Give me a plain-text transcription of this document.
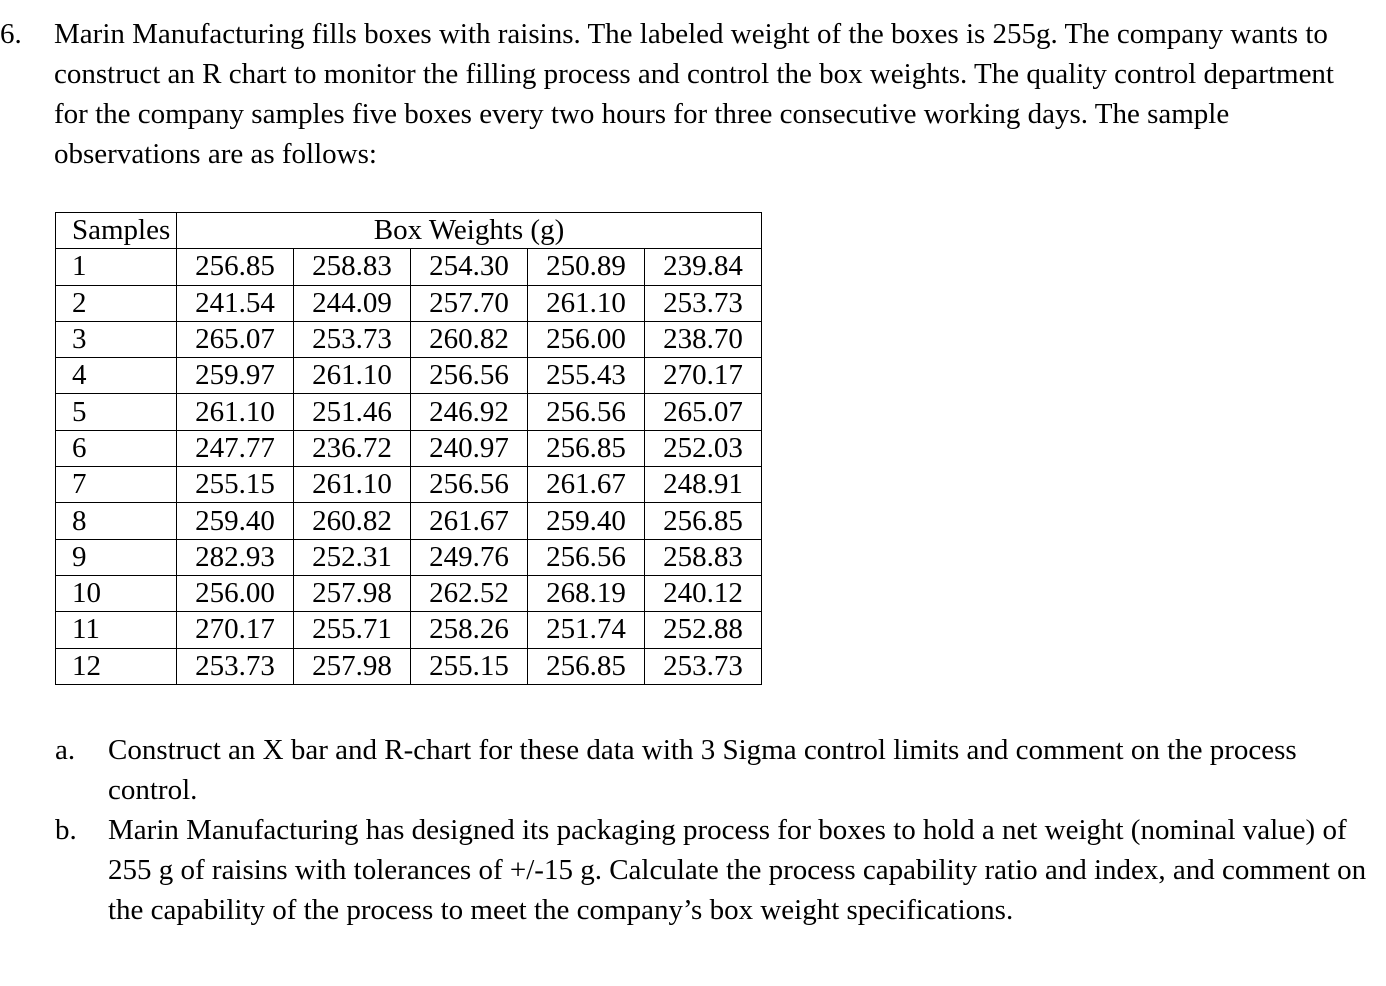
6. Marin Manufacturing fills boxes with raisins. The labeled weight of the boxes is 255g. The company wants to construct an R chart to monitor the filling process and control the box weights. The quality control department for the company samples five boxes every two hours for three consecutive working days. The sample observations are as follows:
Samples	Box Weights (g)				
1	256.85	258.83	254.30	250.89	239.84
2	241.54	244.09	257.70	261.10	253.73
3	265.07	253.73	260.82	256.00	238.70
4	259.97	261.10	256.56	255.43	270.17
5	261.10	251.46	246.92	256.56	265.07
6	247.77	236.72	240.97	256.85	252.03
7	255.15	261.10	256.56	261.67	248.91
8	259.40	260.82	261.67	259.40	256.85
9	282.93	252.31	249.76	256.56	258.83
10	256.00	257.98	262.52	268.19	240.12
11	270.17	255.71	258.26	251.74	252.88
12	253.73	257.98	255.15	256.85	253.73
a. Construct an X bar and R-chart for these data with 3 Sigma control limits and comment on the process control.
b. Marin Manufacturing has designed its packaging process for boxes to hold a net weight (nominal value) of 255 g of raisins with tolerances of +/-15 g. Calculate the process capability ratio and index, and comment on the capability of the process to meet the company’s box weight specifications.
